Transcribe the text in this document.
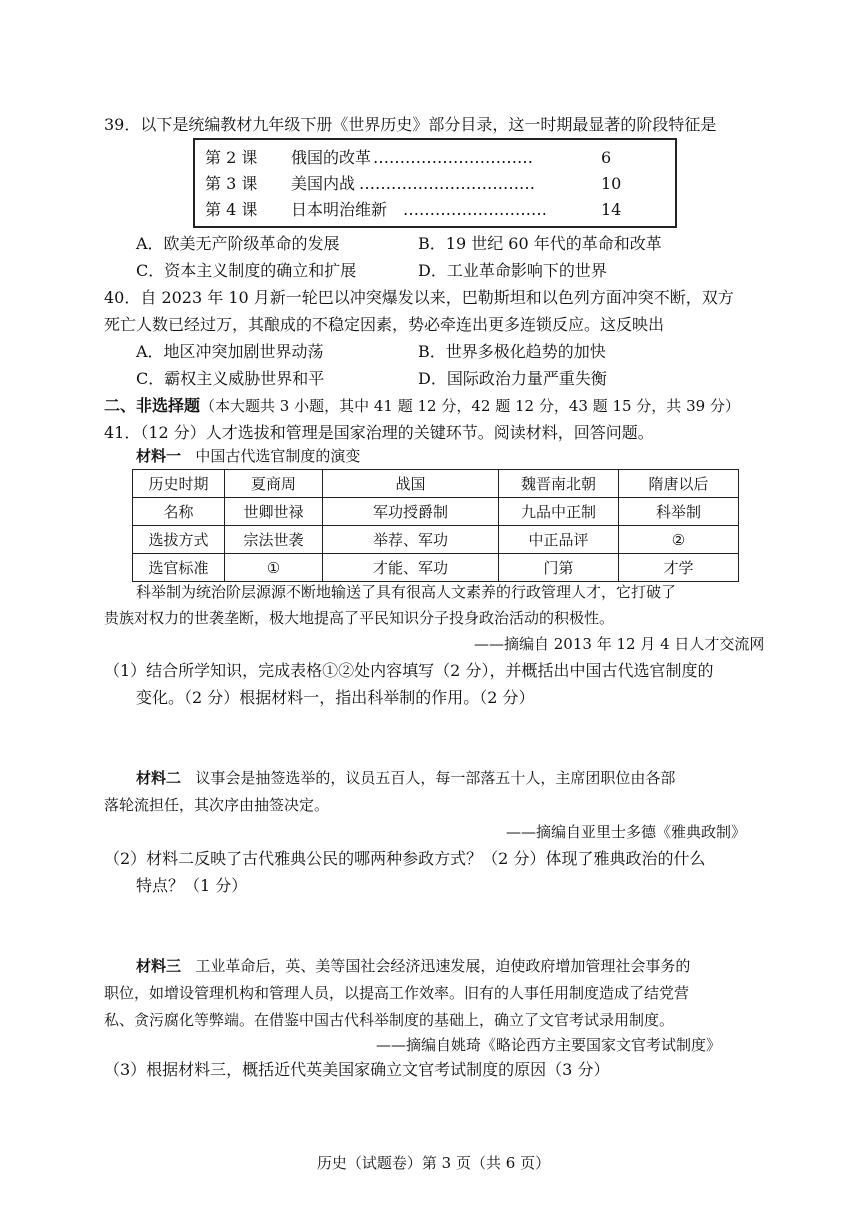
39．以下是统编教材九年级下册《世界历史》部分目录，这一时期最显著的阶段特征是
第 2 课 俄国的改革 …………………………	6
第 3 课 美国内战 ……………………………	10
第 4 课 日本明治维新 ………………………	14
A．欧美无产阶级革命的发展	B．19 世纪 60 年代的革命和改革
C．资本主义制度的确立和扩展	D．工业革命影响下的世界
40．自 2023 年 10 月新一轮巴以冲突爆发以来，巴勒斯坦和以色列方面冲突不断，双方
死亡人数已经过万，其酿成的不稳定因素，势必牵连出更多连锁反应。这反映出
A．地区冲突加剧世界动荡	B．世界多极化趋势的加快
C．霸权主义威胁世界和平	D．国际政治力量严重失衡
二、非选择题（本大题共 3 小题，其中 41 题 12 分，42 题 12 分，43 题 15 分，共 39 分）
41．（12 分）人才选拔和管理是国家治理的关键环节。阅读材料，回答问题。
材料一 中国古代选官制度的演变
历史时期	夏商周	战国	魏晋南北朝	隋唐以后
名称	世卿世禄	军功授爵制	九品中正制	科举制
选拔方式	宗法世袭	举荐、军功	中正品评	②
选官标准	①	才能、军功	门第	才学
科举制为统治阶层源源不断地输送了具有很高人文素养的行政管理人才，它打破了
贵族对权力的世袭垄断，极大地提高了平民知识分子投身政治活动的积极性。
——摘编自 2013 年 12 月 4 日人才交流网
（1）结合所学知识，完成表格①②处内容填写（2 分），并概括出中国古代选官制度的
变化。（2 分）根据材料一，指出科举制的作用。（2 分）
材料二 议事会是抽签选举的，议员五百人，每一部落五十人，主席团职位由各部
落轮流担任，其次序由抽签决定。
——摘编自亚里士多德《雅典政制》
（2）材料二反映了古代雅典公民的哪两种参政方式？（2 分）体现了雅典政治的什么
特点？（1 分）
材料三 工业革命后，英、美等国社会经济迅速发展，迫使政府增加管理社会事务的
职位，如增设管理机构和管理人员，以提高工作效率。旧有的人事任用制度造成了结党营
私、贪污腐化等弊端。在借鉴中国古代科举制度的基础上，确立了文官考试录用制度。
——摘编自姚琦《略论西方主要国家文官考试制度》
（3）根据材料三，概括近代英美国家确立文官考试制度的原因（3 分）
历史（试题卷）第 3 页（共 6 页）
